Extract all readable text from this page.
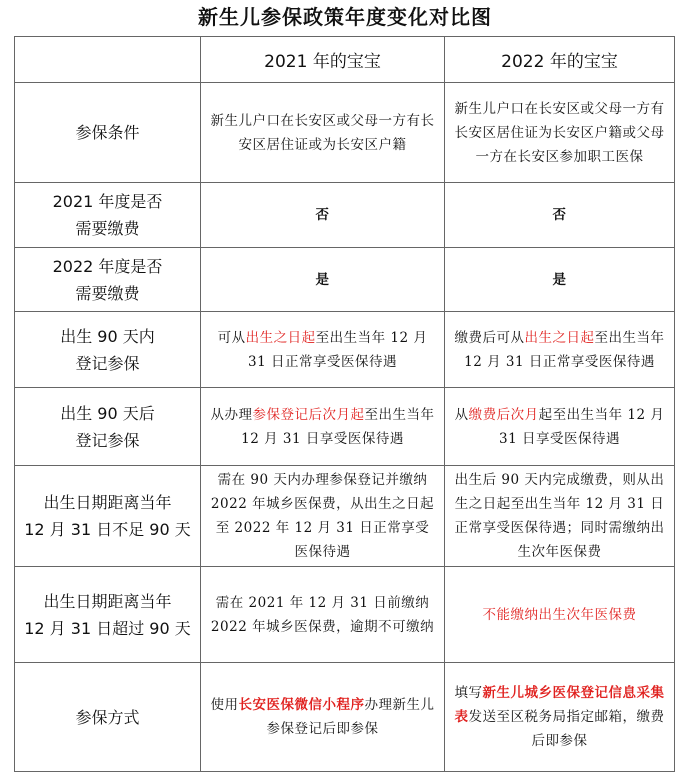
新生儿参保政策年度变化对比图
	2021 年的宝宝	2022 年的宝宝

参保条件	新生儿户口在长安区或父母一方有长安区居住证或为长安区户籍	新生儿户口在长安区或父母一方有长安区居住证为长安区户籍或父母一方在长安区参加职工医保

2021 年度是否
需要缴费	否	否

2022 年度是否
需要缴费	是	是

出生 90 天内
登记参保	可从出生之日起至出生当年 12 月 31 日正常享受医保待遇	缴费后可从出生之日起至出生当年 12 月 31 日正常享受医保待遇

出生 90 天后
登记参保	从办理参保登记后次月起至出生当年 12 月 31 日享受医保待遇	从缴费后次月起至出生当年 12 月 31 日享受医保待遇

出生日期距离当年
12 月 31 日不足 90 天	需在 90 天内办理参保登记并缴纳 2022 年城乡医保费，从出生之日起至 2022 年 12 月 31 日正常享受医保待遇	出生后 90 天内完成缴费，则从出生之日起至出生当年 12 月 31 日正常享受医保待遇；同时需缴纳出生次年医保费

出生日期距离当年
12 月 31 日超过 90 天	需在 2021 年 12 月 31 日前缴纳 2022 年城乡医保费，逾期不可缴纳	不能缴纳出生次年医保费

参保方式	使用长安医保微信小程序办理新生儿参保登记后即参保	填写新生儿城乡医保登记信息采集表发送至区税务局指定邮箱，缴费后即参保
